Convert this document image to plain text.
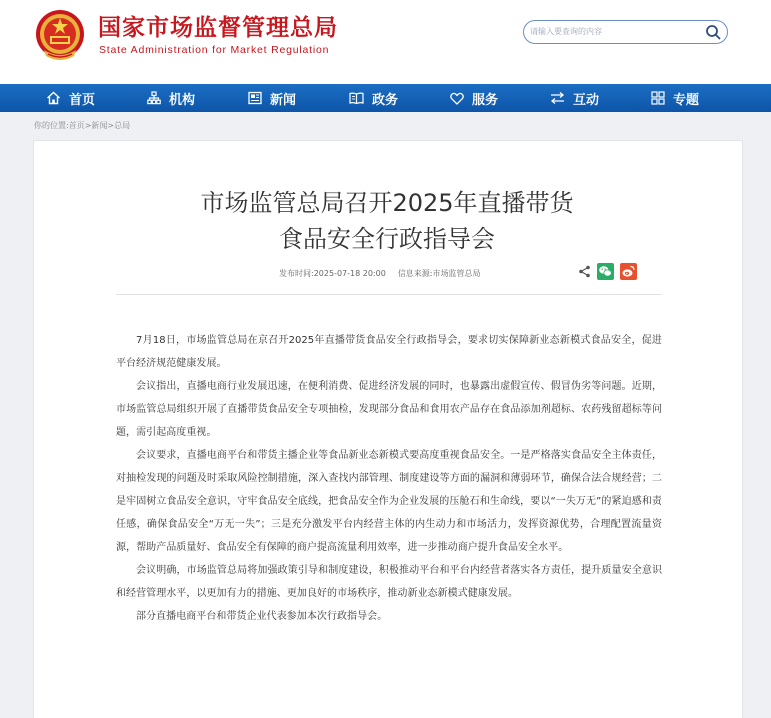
国家市场监督管理总局
State Administration for Market Regulation
请输入要查询的内容
首页	机构	新闻	政务	服务	互动	专题
你的位置:首页>新闻>总局
市场监管总局召开2025年直播带货
食品安全行政指导会
发布时间:2025-07-18 20:00 信息来源:市场监管总局

7月18日，市场监管总局在京召开2025年直播带货食品安全行政指导会，要求切实保障新业态新模式食品安全，促进平台经济规范健康发展。

会议指出，直播电商行业发展迅速，在便利消费、促进经济发展的同时，也暴露出虚假宣传、假冒伪劣等问题。近期，市场监管总局组织开展了直播带货食品安全专项抽检，发现部分食品和食用农产品存在食品添加剂超标、农药残留超标等问题，需引起高度重视。

会议要求，直播电商平台和带货主播企业等食品新业态新模式要高度重视食品安全。一是严格落实食品安全主体责任，对抽检发现的问题及时采取风险控制措施，深入查找内部管理、制度建设等方面的漏洞和薄弱环节，确保合法合规经营；二是牢固树立食品安全意识，守牢食品安全底线，把食品安全作为企业发展的压舱石和生命线，要以“一失万无”的紧迫感和责任感，确保食品安全“万无一失”；三是充分激发平台内经营主体的内生动力和市场活力，发挥资源优势，合理配置流量资源，帮助产品质量好、食品安全有保障的商户提高流量利用效率，进一步推动商户提升食品安全水平。

会议明确，市场监管总局将加强政策引导和制度建设，积极推动平台和平台内经营者落实各方责任，提升质量安全意识和经营管理水平，以更加有力的措施、更加良好的市场秩序，推动新业态新模式健康发展。

部分直播电商平台和带货企业代表参加本次行政指导会。
